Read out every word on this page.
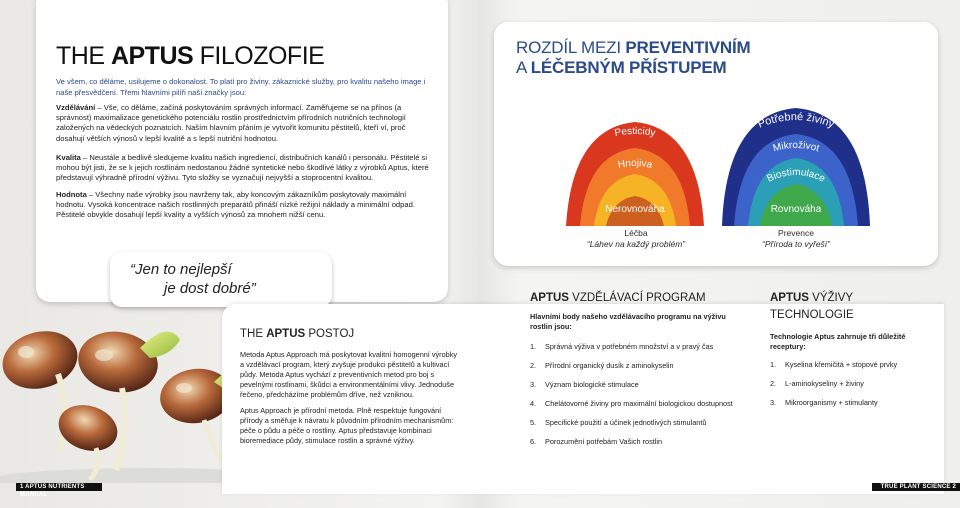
THE APTUS FILOZOFIE
Ve všem, co děláme, usilujeme o dokonalost. To platí pro živiny, zákaznické služby, pro kvalitu našeho image i naše přesvědčení. Třemi hlavními pilíři naší značky jsou:
Vzdělávání – Vše, co děláme, začíná poskytováním správných informací. Zaměřujeme se na přínos (a správnost) maximalizace genetického potenciálu rostlin prostřednictvím přírodních nutričních technologií založených na vědeckých poznatcích. Naším hlavním přáním je vytvořit komunitu pěstitelů, kteří ví, proč dosahují větších výnosů v lepší kvalitě a s lepší nutriční hodnotou.
Kvalita – Neustále a bedlivě sledujeme kvalitu našich ingrediencí, distribučních kanálů i personálu. Pěstitelé si mohou být jisti, že se k jejich rostlinám nedostanou žádné syntetické nebo škodlivé látky z výrobků Aptus, které představují výhradně přírodní výživu. Tyto složky se vyznačují nejvyšší a stoprocentní kvalitou.
Hodnota – Všechny naše výrobky jsou navrženy tak, aby koncovým zákazníkům poskytovaly maximální hodnotu. Vysoká koncentrace našich rostlinných preparátů přináší nízké režijní náklady a minimální odpad. Pěstitelé obvykle dosahují lepší kvality a vyšších výnosů za mnohem nižší cenu.
“Jen to nejlepší
je dost dobré”
ROZDÍL MEZI PREVENTIVNÍM
A LÉČEBNÝM PŘÍSTUPEM
Pesticidy
Hnojiva
Nerovnováha
Potřebné živiny
Mikroživot
Biostimulace
Rovnováha
Léčba
“Láhev na každý problém”
Prevence
“Příroda to vyřeší”
THE APTUS POSTOJ
Metoda Aptus Approach má poskytovat kvalitní homogenní výrobky a vzdělávací program, který zvyšuje produkci pěstitelů a kultivací půdy. Metoda Aptus vychází z preventivních metod pro boj s pevelnými rostlinami, škůdci a environmentálními vlivy. Jednoduše řečeno, předcházíme problémům dříve, než vzniknou.
Aptus Approach je přírodní metoda. Plně respektuje fungování přírody a směřuje k návratu k původním přírodním mechanismům: péče o půdu a péče o rostliny. Aptus představuje kombinaci bioremediace půdy, stimulace rostlin a správné výživy.
APTUS VZDĚLÁVACÍ PROGRAM
Hlavními body našeho vzdělávacího programu na výživu rostlin jsou:
1.	Správná výživa v potřebném množství a v pravý čas
2.	Přírodní organický dusík z aminokyselin
3.	Význam biologické stimulace
4.	Chelátovorné živiny pro maximální biologickou dostupnost
5.	Specifické použití a účinek jednotlivých stimulantů
6.	Porozumění potřebám Vašich rostlin
APTUS VÝŽIVY
TECHNOLOGIE
Technologie Aptus zahrnuje tři důležité receptury:
1.	Kyselina křemičitá + stopové prvky
2.	L-aminokyseliny + živiny
3.	Mikroorganismy + stimulanty
1 APTUS NUTRIENTS MANUAL
TRUE PLANT SCIENCE 2
